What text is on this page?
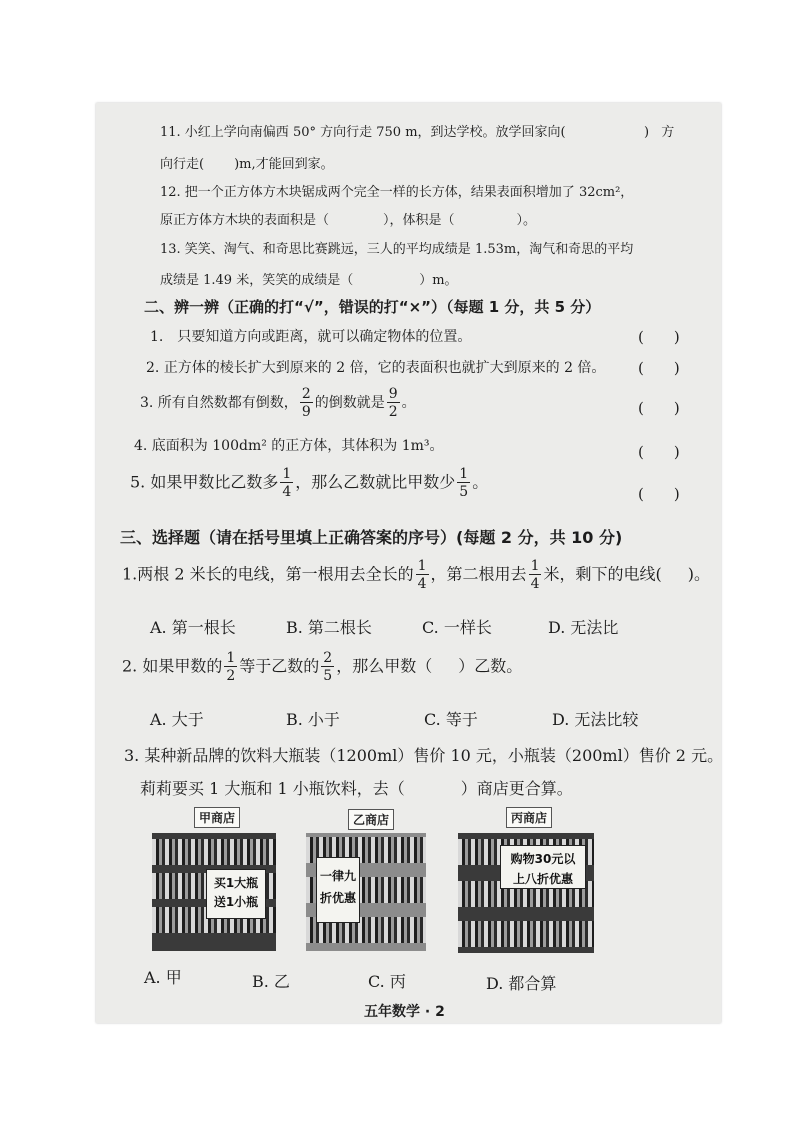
11. 小红上学向南偏西 50° 方向行走 750 m，到达学校。放学回家向(	) 方
向行走( )m,才能回到家。
12. 把一个正方体方木块锯成两个完全一样的长方体，结果表面积增加了 32cm²，
原正方体方木块的表面积是（	），体积是（	）。
13. 笑笑、淘气、和奇思比赛跳远，三人的平均成绩是 1.53m，淘气和奇思的平均
成绩是 1.49 米，笑笑的成绩是（	）m。
二、辨一辨（正确的打“√”，错误的打“×”）（每题 1 分，共 5 分）
1.　只要知道方向或距离，就可以确定物体的位置。	(　　)
2. 正方体的棱长扩大到原来的 2 倍，它的表面积也就扩大到原来的 2 倍。 (　　)
3. 所有自然数都有倒数， $\frac{2}{9}$ 的倒数就是 $\frac{9}{2}$ 。	(　　)
4. 底面积为 100dm² 的正方体，其体积为 1m³。	(　　)
5. 如果甲数比乙数多 $\frac{1}{4}$ ，那么乙数就比甲数少 $\frac{1}{5}$ 。
(　　)
三、选择题（请在括号里填上正确答案的序号）(每题 2 分，共 10 分)
1.两根 2 米长的电线，第一根用去全长的 $\frac{1}{4}$ ，第二根用去 $\frac{1}{4}$ 米，剩下的电线( )。
A. 第一根长	B. 第二根长	C. 一样长	D. 无法比
2. 如果甲数的 $\frac{1}{2}$ 等于乙数的 $\frac{2}{5}$ ，那么甲数（ ）乙数。
A. 大于	B. 小于	C. 等于	D. 无法比较
3. 某种新品牌的饮料大瓶装（1200ml）售价 10 元，小瓶装（200ml）售价 2 元。
莉莉要买 1 大瓶和 1 小瓶饮料，去（	）商店更合算。
甲商店
买1大瓶
送1小瓶
乙商店
一律九
折优惠
丙商店
购物30元以
上八折优惠
A. 甲	B. 乙	C. 丙	D. 都合算
五年数学 · 2
